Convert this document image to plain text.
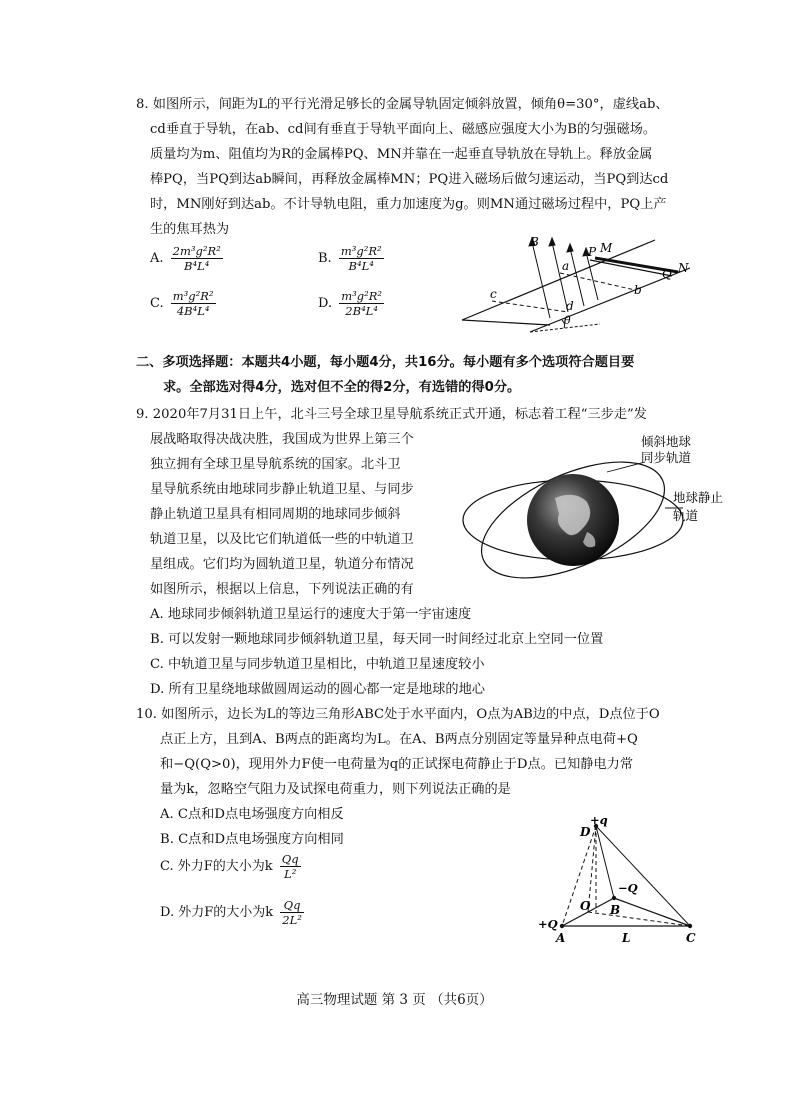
8. 如图所示，间距为L的平行光滑足够长的金属导轨固定倾斜放置，倾角θ=30°，虚线ab、
cd垂直于导轨，在ab、cd间有垂直于导轨平面向上、磁感应强度大小为B的匀强磁场。
质量均为m、阻值均为R的金属棒PQ、MN并靠在一起垂直导轨放在导轨上。释放金属
棒PQ，当PQ到达ab瞬间，再释放金属棒MN；PQ进入磁场后做匀速运动，当PQ到达cd
时，MN刚好到达ab。不计导轨电阻，重力加速度为g。则MN通过磁场过程中，PQ上产
生的焦耳热为
A. $\frac{\text{2m³g²R²}}{\text{B⁴L⁴}}$	B. $\frac{\text{m³g²R²}}{\text{B⁴L⁴}}$
C. $\frac{\text{m³g²R²}}{\text{4B⁴L⁴}}$	D. $\frac{\text{m³g²R²}}{\text{2B⁴L⁴}}$
B
P M
a
Q N
b
c
d
θ
二、多项选择题：本题共4小题，每小题4分，共16分。每小题有多个选项符合题目要
求。全部选对得4分，选对但不全的得2分，有选错的得0分。
9. 2020年7月31日上午，北斗三号全球卫星导航系统正式开通，标志着工程“三步走”发
展战略取得决战决胜，我国成为世界上第三个
独立拥有全球卫星导航系统的国家。北斗卫
星导航系统由地球同步静止轨道卫星、与同步
静止轨道卫星具有相同周期的地球同步倾斜
轨道卫星，以及比它们轨道低一些的中轨道卫
星组成。它们均为圆轨道卫星，轨道分布情况
如图所示，根据以上信息，下列说法正确的有
倾斜地球
同步轨道
地球静止
轨道
A. 地球同步倾斜轨道卫星运行的速度大于第一宇宙速度
B. 可以发射一颗地球同步倾斜轨道卫星，每天同一时间经过北京上空同一位置
C. 中轨道卫星与同步轨道卫星相比，中轨道卫星速度较小
D. 所有卫星绕地球做圆周运动的圆心都一定是地球的地心
10. 如图所示，边长为L的等边三角形ABC处于水平面内，O点为AB边的中点，D点位于O
点正上方，且到A、B两点的距离均为L。在A、B两点分别固定等量异种点电荷+Q
和−Q(Q>0)，现用外力F使一电荷量为q的正试探电荷静止于D点。已知静电力常
量为k，忽略空气阻力及试探电荷重力，则下列说法正确的是
A. C点和D点电场强度方向相反
B. C点和D点电场强度方向相同
C. 外力F的大小为k $\frac{Qq}{\text{L²}}$
D. 外力F的大小为k $\frac{Qq}{\text{2L²}}$
D
+q
−Q
O B
+Q
A	L	C
高三物理试题 第 3 页 （共6页）
